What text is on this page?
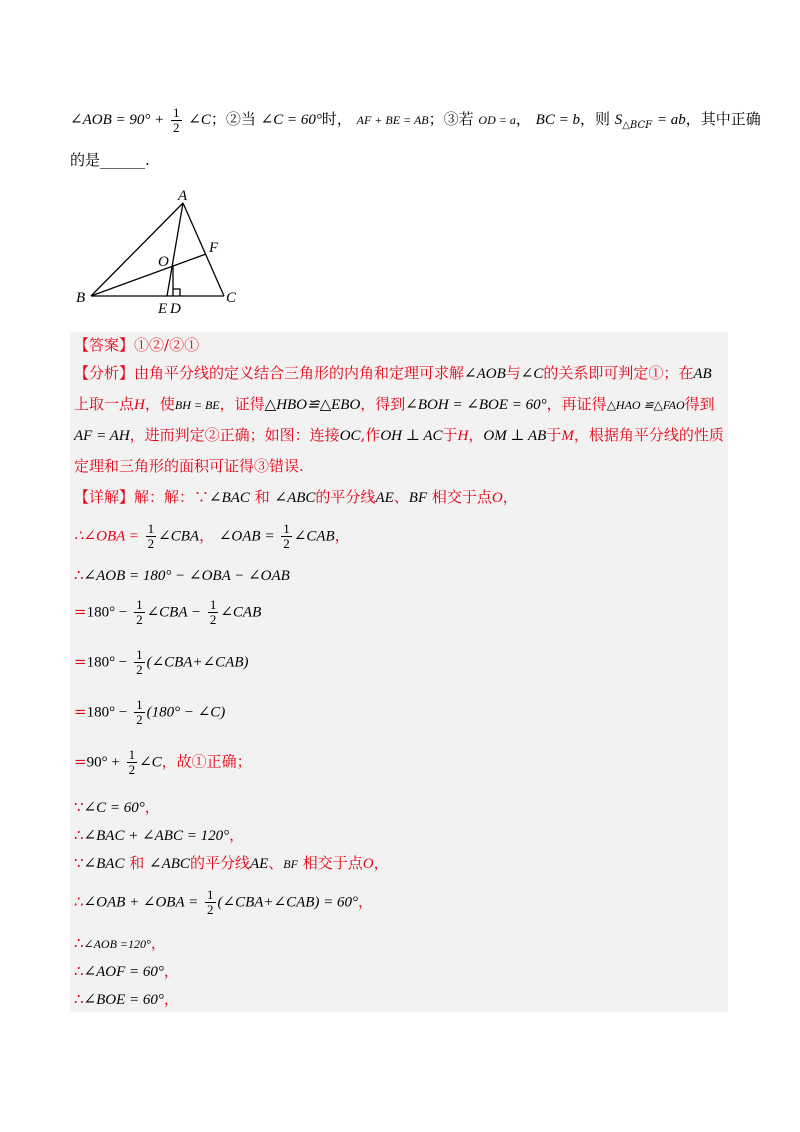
∠AOB = $90^\circ + \frac{1}{2}$ ∠C；②当 ∠C = 60°时， AF + BE = AB；③若 OD = a， BC = b，则 $S_{\triangle BCF}$ = ab，其中正确
的是______.
A
B	C
O
F
E D
【答案】①②/②①
【分析】由角平分线的定义结合三角形的内角和定理可求解∠AOB与∠C的关系即可判定①；在AB上取一点H，使BH = BE，证得△HBO≌△EBO，得到∠BOH = ∠BOE = 60°，再证得△HAO ≌△FAO得到AF = AH，进而判定②正确；如图：连接OC,作OH ⊥ AC于H，OM ⊥ AB于M，根据角平分线的性质定理和三角形的面积可证得③错误.
【详解】解：解：∵∠BAC 和 ∠ABC的平分线AE、BF 相交于点O，
∴∠OBA = $\frac{1}{2}$ ∠CBA， ∠OAB = $\frac{1}{2}$ ∠CAB，
∴∠AOB = 180° − ∠OBA − ∠OAB
$=180^\circ - \frac{1}{2}$ ∠CBA − $\frac{1}{2}$ ∠CAB
$=180^\circ - \frac{1}{2}$ (∠CBA+∠CAB)
$=180^\circ - \frac{1}{2} (180^\circ$ − ∠C)
$=90^\circ + \frac{1}{2}$ ∠C，故①正确；
∵∠C = 60°，
∴∠BAC + ∠ABC = 120°，
∵∠BAC 和 ∠ABC的平分线AE、BF 相交于点O，
∴∠OAB + ∠OBA = $\frac{1}{2}$ (∠CBA+∠CAB) = 60°，
∴∠AOB =120°，
∴∠AOF = 60°，
∴∠BOE = 60°，
